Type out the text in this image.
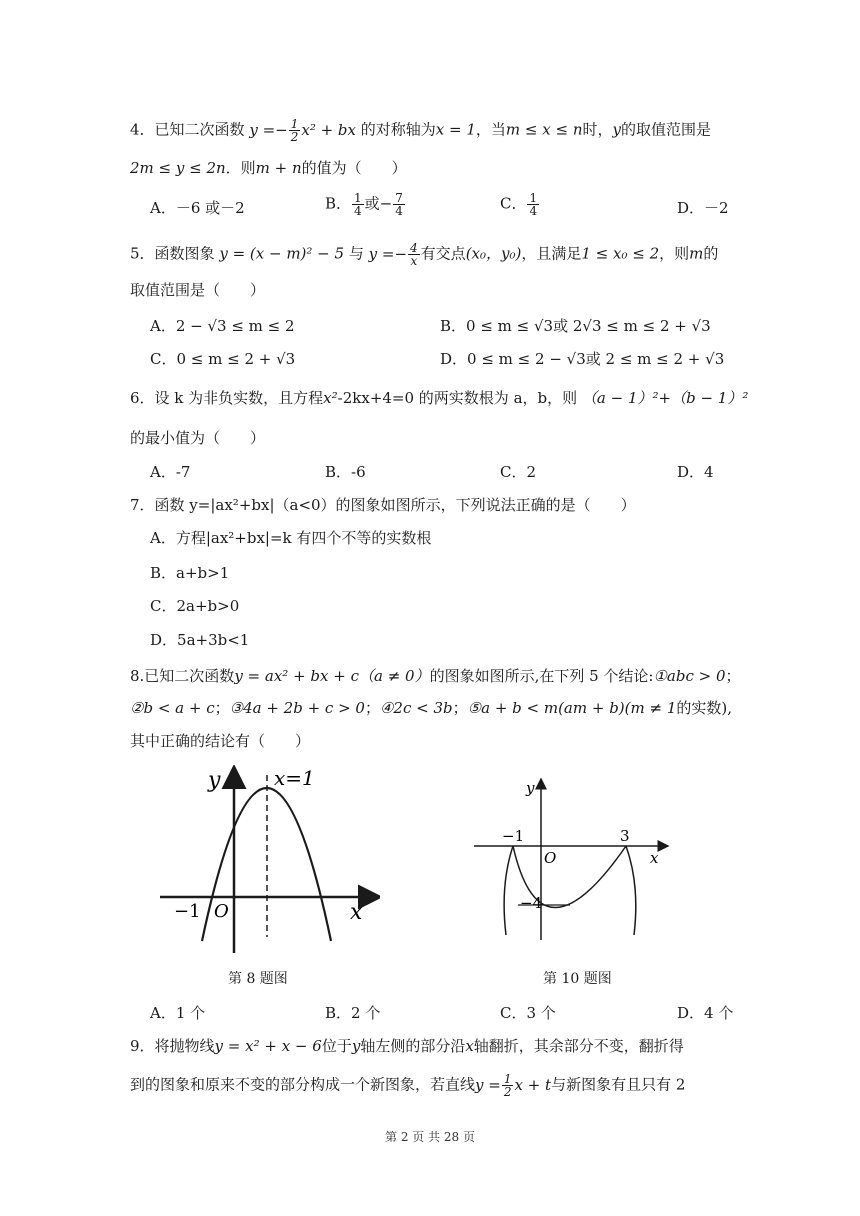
4．已知二次函数 $y =- \frac{1}{2} x^2$ + bx 的对称轴为x = 1，当m ≤ x ≤ n时，y的取值范围是
2m ≤ y ≤ 2n．则m + n的值为（　　）
A．－6 或－2	B． $\frac{1}{4}$ 或− $\frac{7}{4}$	C． $\frac{1}{4}$	D．－2
5．函数图象 y = (x − m)² − 5 与 $y =- \frac{4}{x}$ 有交点(x₀，y₀)，且满足1 ≤ x₀ ≤ 2，则m的
取值范围是（　　）
A．2 − √3 ≤ m ≤ 2	B．0 ≤ m ≤ √3或 2√3 ≤ m ≤ 2 + √3
C．0 ≤ m ≤ 2 + √3	D．0 ≤ m ≤ 2 − √3或 2 ≤ m ≤ 2 + √3
6．设 k 为非负实数，且方程x²-2kx+4=0 的两实数根为 a，b，则 （a − 1）²+（b − 1）²
的最小值为（　　）
A．-7	B．-6	C．2	D．4
7．函数 y=|ax²+bx|（a<0）的图象如图所示，下列说法正确的是（　　）
A．方程|ax²+bx|=k 有四个不等的实数根
B．a+b>1
C．2a+b>0
D．5a+3b<1
8.已知二次函数y = ax² + bx + c（a ≠ 0）的图象如图所示,在下列 5 个结论:①abc > 0；
②b < a + c；③4a + 2b + c > 0；④2c < 3b；⑤a + b < m(am + b)(m ≠ 1的实数),
其中正确的结论有（　　）
y
x
x=1
−1 O
第 8 题图
y
x
−1	3
O
−4
第 10 题图
A．1 个	B．2 个	C．3 个	D．4 个
9．将抛物线y = x² + x − 6位于y轴左侧的部分沿x轴翻折，其余部分不变，翻折得
到的图象和原来不变的部分构成一个新图象，若直线$y = \frac{1}{2}$ x + t与新图象有且只有 2
第 2 页 共 28 页
